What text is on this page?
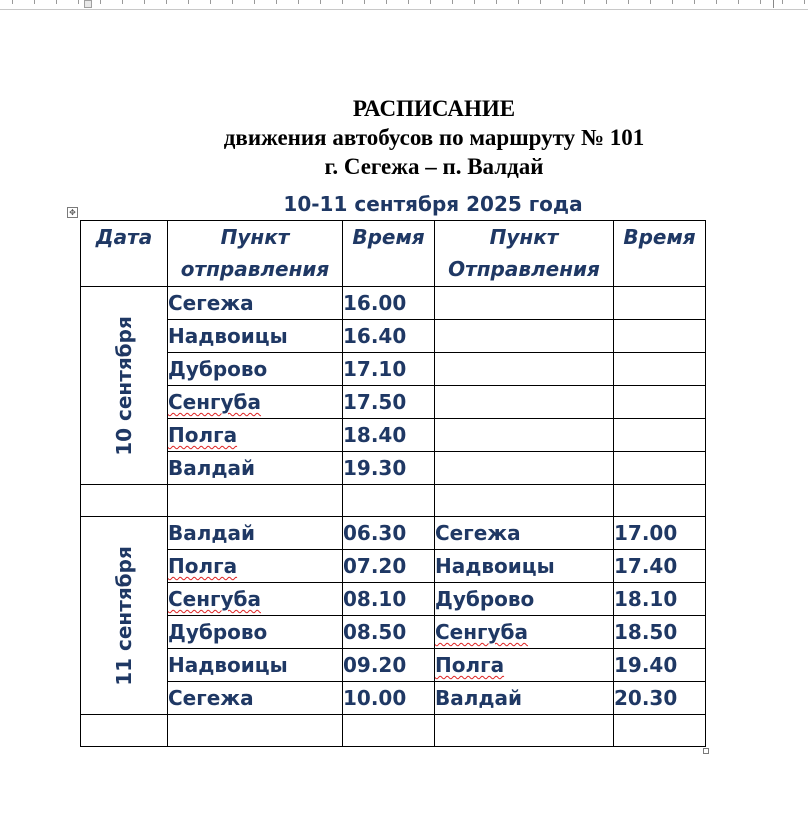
РАСПИСАНИЕ
движения автобусов по маршруту № 101
г. Сегежа – п. Валдай
10-11 сентября 2025 года
✥
Дата	Пункт отправления	Время	Пункт Отправления	Время

10 сентября	Сегежа	16.00		
	Надвоицы	16.40		
	Дуброво	17.10		
	Сенгуба	17.50		
	Полга	18.40		
	Валдай	19.30		

11 сентября	Валдай	06.30	Сегежа	17.00
	Полга	07.20	Надвоицы	17.40
	Сенгуба	08.10	Дуброво	18.10
	Дуброво	08.50	Сенгуба	18.50
	Надвоицы	09.20	Полга	19.40
	Сегежа	10.00	Валдай	20.30
